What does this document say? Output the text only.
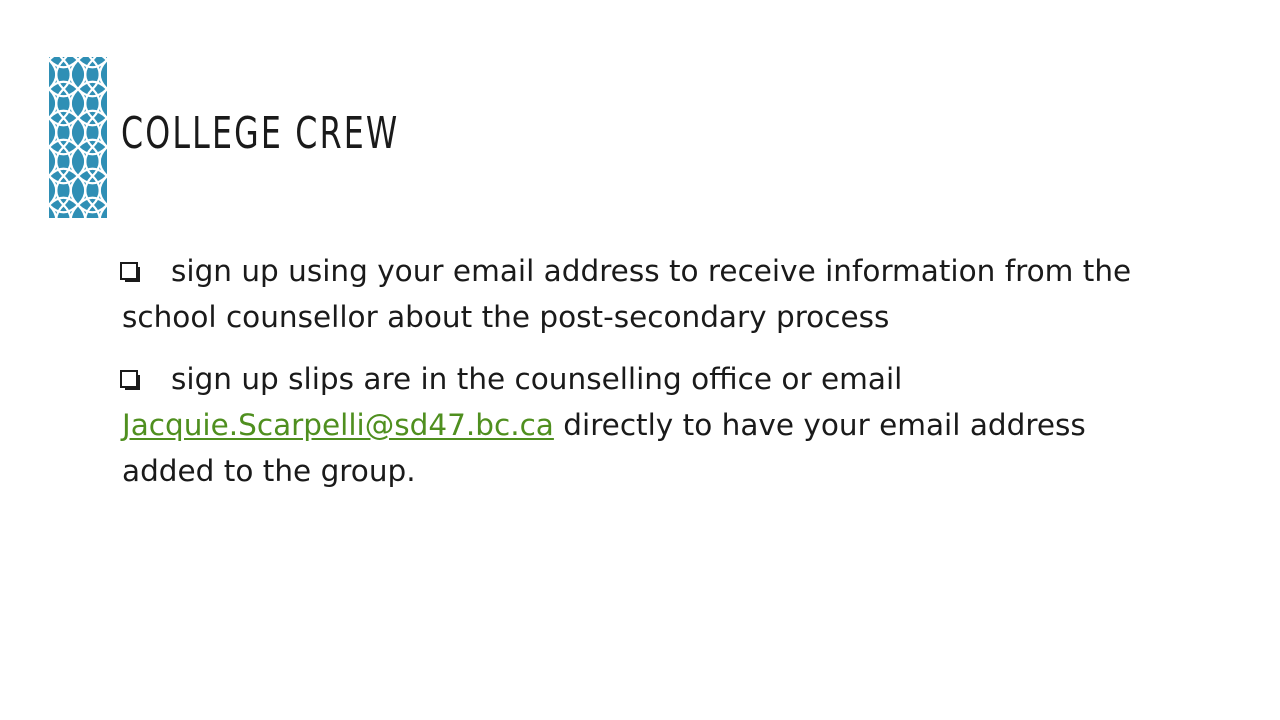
COLLEGE CREW
sign up using your email address to receive information from the school counsellor about the post-secondary process
sign up slips are in the counselling office or email Jacquie.Scarpelli@sd47.bc.ca directly to have your email address added to the group.
